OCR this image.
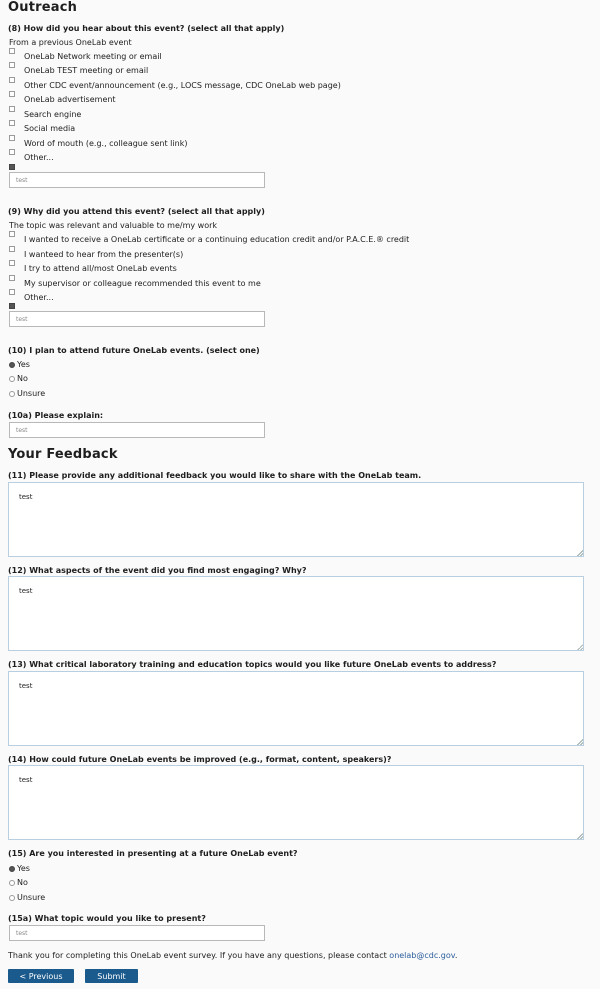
Outreach

(8) How did you hear about this event? (select all that apply)

From a previous OneLab event

OneLab Network meeting or email
OneLab TEST meeting or email
Other CDC event/announcement (e.g., LOCS message, CDC OneLab web page)
OneLab advertisement
Search engine
Social media
Word of mouth (e.g., colleague sent link)
Other...
test

(9) Why did you attend this event? (select all that apply)

The topic was relevant and valuable to me/my work

I wanted to receive a OneLab certificate or a continuing education credit and/or P.A.C.E.® credit
I wanteed to hear from the presenter(s)
I try to attend all/most OneLab events
My supervisor or colleague recommended this event to me
Other...
test

(10) I plan to attend future OneLab events. (select one)

Yes
No
Unsure

(10a) Please explain:

test
Your Feedback

(11) Please provide any additional feedback you would like to share with the OneLab team.

test

(12) What aspects of the event did you find most engaging? Why?

test

(13) What critical laboratory training and education topics would you like future OneLab events to address?

test

(14) How could future OneLab events be improved (e.g., format, content, speakers)?

test

(15) Are you interested in presenting at a future OneLab event?

Yes
No
Unsure

(15a) What topic would you like to present?

test
Thank you for completing this OneLab event survey. If you have any questions, please contact onelab@cdc.gov.
< Previous	Submit
